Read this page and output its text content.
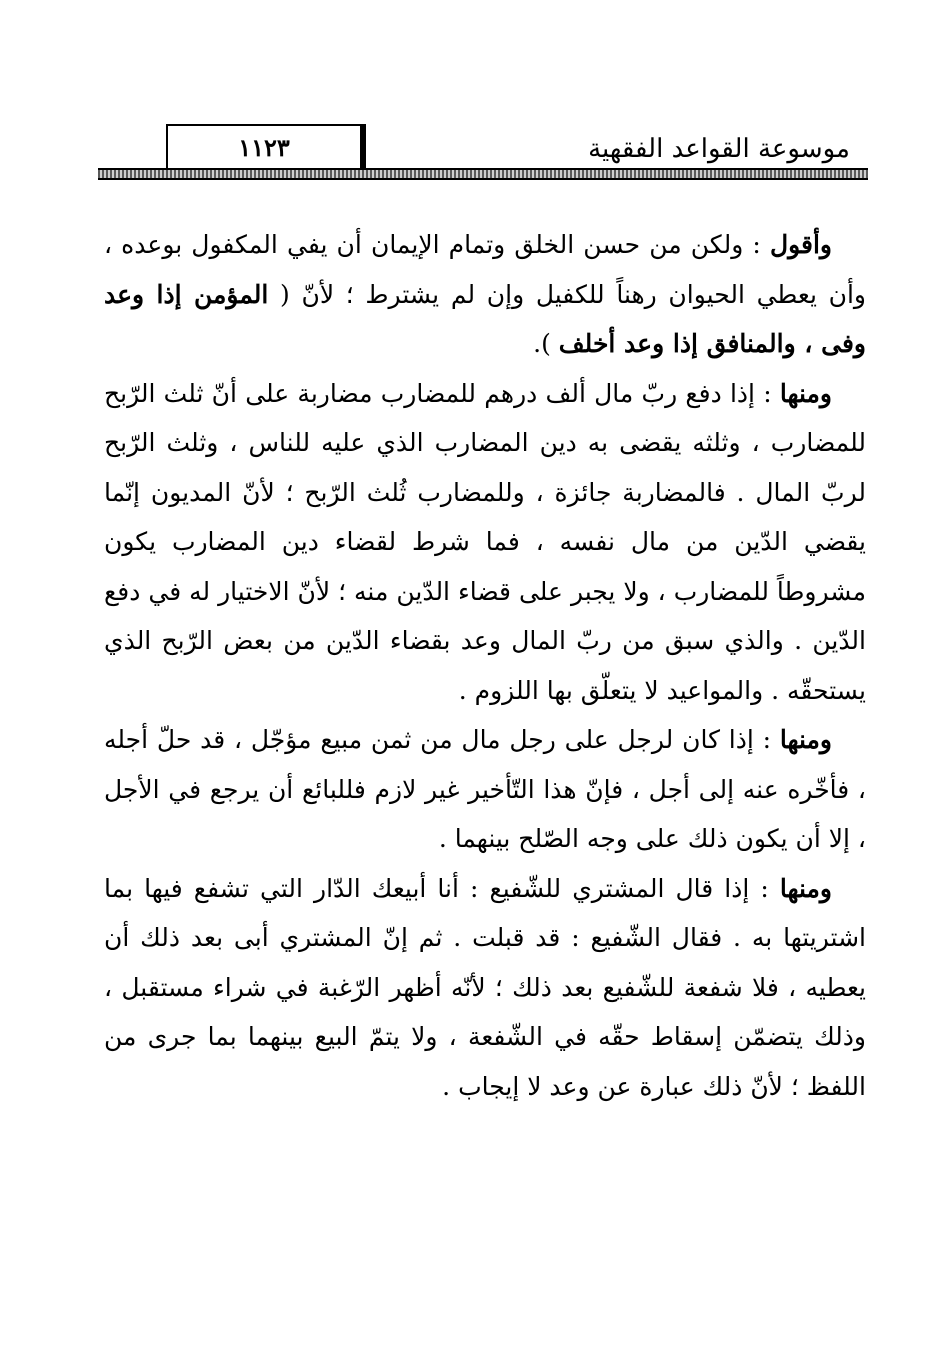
١١٢٣	موسوعة القواعد الفقهية

وأقول : ولكن من حسن الخلق وتمام الإيمان أن يفي المكفول بوعده ، وأن يعطي الحيوان رهناً للكفيل وإن لم يشترط ؛ لأنّ ( المؤمن إذا وعد وفى ، والمنافق إذا وعد أخلف ).

ومنها : إذا دفع ربّ مال ألف درهم للمضارب مضاربة على أنّ ثلث الرّبح للمضارب ، وثلثه يقضى به دين المضارب الذي عليه للناس ، وثلث الرّبح لربّ المال . فالمضاربة جائزة ، وللمضارب ثُلث الرّبح ؛ لأنّ المديون إنّما يقضي الدّين من مال نفسه ، فما شرط لقضاء دين المضارب يكون مشروطاً للمضارب ، ولا يجبر على قضاء الدّين منه ؛ لأنّ الاختيار له في دفع الدّين . والذي سبق من ربّ المال وعد بقضاء الدّين من بعض الرّبح الذي يستحقّه . والمواعيد لا يتعلّق بها اللزوم .

ومنها : إذا كان لرجل على رجل مال من ثمن مبيع مؤجّل ، قد حلّ أجله ، فأخّره عنه إلى أجل ، فإنّ هذا التّأخير غير لازم فللبائع أن يرجع في الأجل ، إلا أن يكون ذلك على وجه الصّلح بينهما .

ومنها : إذا قال المشتري للشّفيع : أنا أبيعك الدّار التي تشفع فيها بما اشتريتها به . فقال الشّفيع : قد قبلت . ثم إنّ المشتري أبى بعد ذلك أن يعطيه ، فلا شفعة للشّفيع بعد ذلك ؛ لأنّه أظهر الرّغبة في شراء مستقبل ، وذلك يتضمّن إسقاط حقّه في الشّفعة ، ولا يتمّ البيع بينهما بما جرى من اللفظ ؛ لأنّ ذلك عبارة عن وعد لا إيجاب .
